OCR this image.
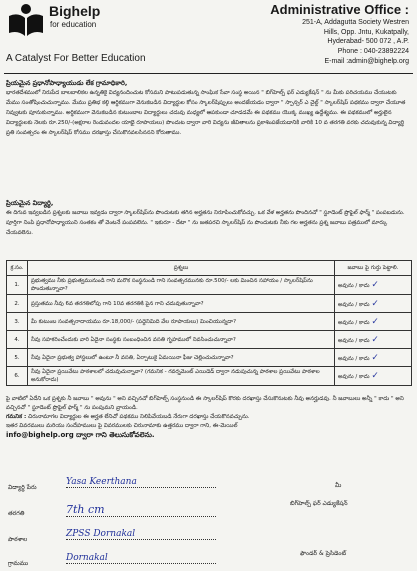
Bighelp
for education
A Catalyst For Better Education
Administrative Office :
251-A, Addagutta Society Westren
Hills, Opp. Jntu, Kukatpally,
Hyderabad- 500 072 , A.P.
Phone : 040-23892224
E-mail :admin@bighelp.org
ప్రియమైన ప్రధానోపాధ్యాయుడు లేక గ్రామాధికారి,
భారతదేశములో నిరుపేద బాలబాలికల ఉన్నతికై విద్యనందించుట కోసమని పాటుపడుతున్న సాంఘిక సేవా సంస్థ అయిన " బిగ్‌హెల్ప్ ఫర్ ఎడ్యుకేషన్ " ను మీకు పరిచయము చేయుటకు మేము సంతోషించుచున్నాము. మేము ప్రతిభ కల్గి ఆర్థికముగా వెనుకబడిన విద్యార్థుల కోసం స్కాలర్‌షిప్పులు అందజేయడం ద్వారా " స్పాన్సర్ ఎ చైల్డ్ " స్కాలర్‌షిప్ పథకము ద్వారా చేయూత నివ్వుటకు పూనుకున్నాము. అర్థికముగా వెనుకబడిన కుటుంబాల విద్యార్థులు చదువు మధ్యలో ఆపకుండా చూడడమే ఈ పథకము యొక్క ముఖ్య ఉద్దేశ్యము. ఈ పథకములో అర్హులైన విద్యార్థులకు నెలకు రూ.250/-(అక్షరాల రెండువందల యాభై రూపాయలు) పొందుట ద్వారా వారి విద్యను జీవితాలను ప్రకాశింపజేయడానికి వారికి 10 వ తరగతి వరకు చదువుకున్న విద్యార్థి ప్రతి సంవత్సరం ఈ స్కాలర్‌షిప్ కోసము దరఖాస్తు చేసుకొనవలసిననని కోరుతాము.
ప్రియమైన విద్యార్థి,
ఈ దిగువ ఇవ్వబడిన ప్రశ్నలకు జవాబు ఇవ్వడం ద్వారా స్కాలర్‌షిప్‌ను పొందుటకు తగిన అర్హతను నిరూపించుకోవచ్చు. ఒక వేళ అర్హతను పొందినచో " స్టూడెంట్ ప్రొఫైల్ ఫార్మ్ " పంపబడును. పూర్తిగా నింపి ప్రధానోపాధ్యాయుని సంతకం తో వెంటనే పంపవలెను. " ఇకురూ - దేటా " ను జతపరచి స్కాలర్‌షిప్ ను పొందుటకు నీకు గల అర్హతను ప్రశ్న జవాబు పత్రములో మార్కు చేయవలెను.
క్ర.సం.	ప్రశ్నలు	జవాబు పై గుర్తు పెట్టాలి.
1.	ప్రభుత్వము నీకు ప్రభుత్వమునుండి గాని మరొక సంస్థనుండి గాని సంవత్సరమునకు రూ.500/- లకు మించిన సహాయం / స్కాలర్‌షిప్‌ను పొందుతున్నావా?	అవును / కాదు ✓
2.	ప్రస్తుతము నీవు 6వ తరగతిలోపు గాని 10వ తరగతికి పైన గాని చదువుతున్నావా?	అవును / కాదు ✓
3.	మీ కుటుంబ సంవత్సరాదాయము రూ.18,000/- (పద్దెనిమిది వేల రూపాయలు) మించియున్నదా?	అవును / కాదు ✓
4.	నీవు సహకరించేందుకు వారి ఏదైనా సంస్థకు సంబంధించిన వసతి గృహములో నివసించుచున్నావా?	అవును / కాదు ✓
5.	నీవు ఏదైనా ప్రభుత్వ హాస్టలులో ఉంటూ నీ వసతి, ఏర్పాటుకై ఏమయినా ఫీజు చెల్లించుచున్నావా?	అవును / కాదు ✓
6.	నీవు ఏదైనా ప్రయివేటు పాఠశాలలో చదువుచున్నావా? (గమనిక - గవర్నమెంట్ ఎయిడెడ్ ద్వారా నడుపుచున్న పాఠశాల ప్రయివేటు పాఠశాల అనుకోరాదు)	అవును / కాదు ✓
పై వాటిలో ఏదేని ఒక ప్రశ్నకు నీ జవాబు " అవును " అని వచ్చినచో బిగ్‌హెల్ప్ సంస్థనుండి ఈ స్కాలర్‌షిప్ కొరకు దరఖాస్తు చేసుకొనుటకు నీవు అనర్హుడవు. నీ జవాబులు అన్నీ " కాదు " అని వచ్చినచో " స్టూడెంట్ ప్రొఫైల్ ఫార్మ్ " ను పంపుమని వ్రాయండి.
గమనిక : చిరునామాగల విద్యార్థుల ఈ అర్హత లేనిచో పథకము నిలిపివేయబడి నేరుగా దరఖాస్తు చేయకొనవచ్చును.
ఇతర వివరములు మరియు సందేహములు పై వివరములకు చిరునామాకు ఉత్తరము ద్వారా గాని, ఈ-మెయిల్
info@bighelp.org ద్వారా గాని తెలుసుకోవలెను.
విద్యార్థి పేరు
Yasa Keerthana
తరగతి	7th cm
పాఠశాల
ZPSS Dornakal
గ్రామము
Dornakal
మీ
బిగ్‌హెల్ప్ ఫర్ ఎడ్యుకేషన్
ఫౌండర్ & ప్రెసిడెంట్
